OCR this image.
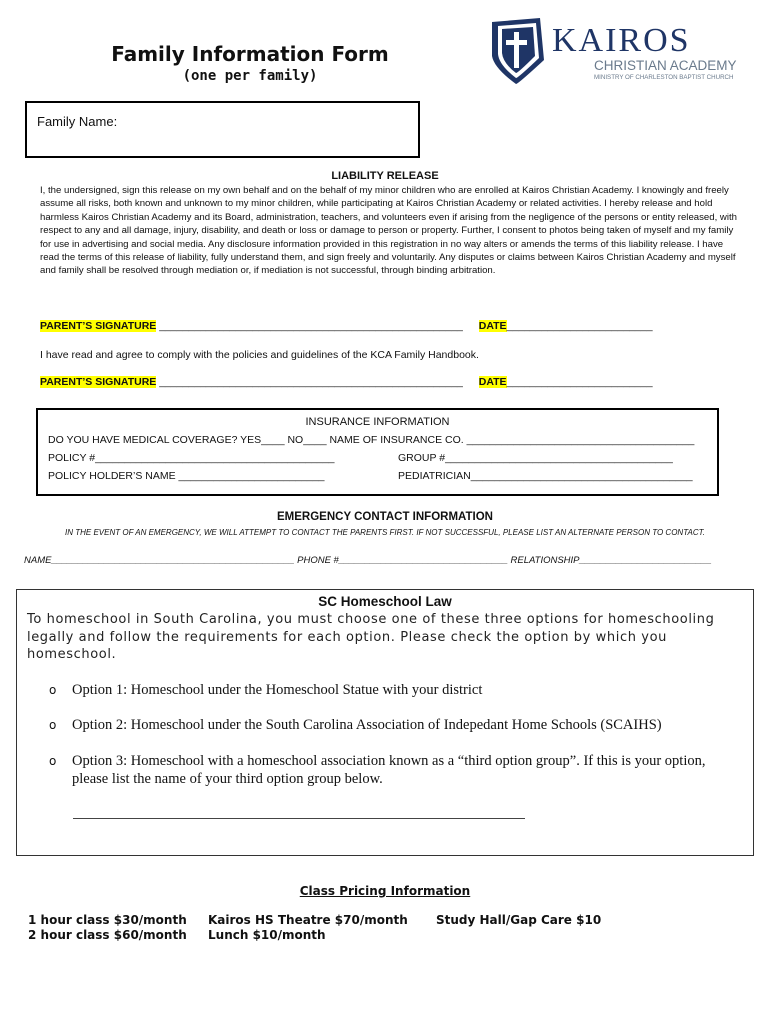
Family Information Form
(one per family)
KAIROS
CHRISTIAN ACADEMY
MINISTRY OF CHARLESTON BAPTIST CHURCH
Family Name:
LIABILITY RELEASE
I, the undersigned, sign this release on my own behalf and on the behalf of my minor children who are enrolled at Kairos Christian Academy. I knowingly and freely assume all risks, both known and unknown to my minor children, while participating at Kairos Christian Academy or related activities. I hereby release and hold harmless Kairos Christian Academy and its Board, administration, teachers, and volunteers even if arising from the negligence of the persons or entity released, with respect to any and all damage, injury, disability, and death or loss or damage to person or property. Further, I consent to photos being taken of myself and my family for use in advertising and social media. Any disclosure information provided in this registration in no way alters or amends the terms of this liability release. I have read the terms of this release of liability, fully understand them, and sign freely and voluntarily. Any disputes or claims between Kairos Christian Academy and myself and family shall be resolved through mediation or, if mediation is not successful, through binding arbitration.
PARENT’S SIGNATURE ____________________________________________________ DATE_________________________
I have read and agree to comply with the policies and guidelines of the KCA Family Handbook.
PARENT’S SIGNATURE ____________________________________________________ DATE_________________________
INSURANCE INFORMATION
DO YOU HAVE MEDICAL COVERAGE? YES____ NO____ NAME OF INSURANCE CO. _______________________________________
POLICY #_________________________________________	GROUP #_______________________________________
POLICY HOLDER’S NAME _________________________	PEDIATRICIAN______________________________________
EMERGENCY CONTACT INFORMATION
IN THE EVENT OF AN EMERGENCY, WE WILL ATTEMPT TO CONTACT THE PARENTS FIRST. IF NOT SUCCESSFUL, PLEASE LIST AN ALTERNATE PERSON TO CONTACT.
NAME______________________________________________ PHONE #________________________________ RELATIONSHIP_________________________
SC Homeschool Law
To homeschool in South Carolina, you must choose one of these three options for homeschooling legally and follow the requirements for each option. Please check the option by which you homeschool.
o Option 1: Homeschool under the Homeschool Statue with your district
o Option 2: Homeschool under the South Carolina Association of Indepedant Home Schools (SCAIHS)
o Option 3: Homeschool with a homeschool association known as a “third option group”. If this is your option, please list the name of your third option group below.
Class Pricing Information
1 hour class $30/month
2 hour class $60/month
Kairos HS Theatre $70/month
Lunch $10/month
Study Hall/Gap Care $10
